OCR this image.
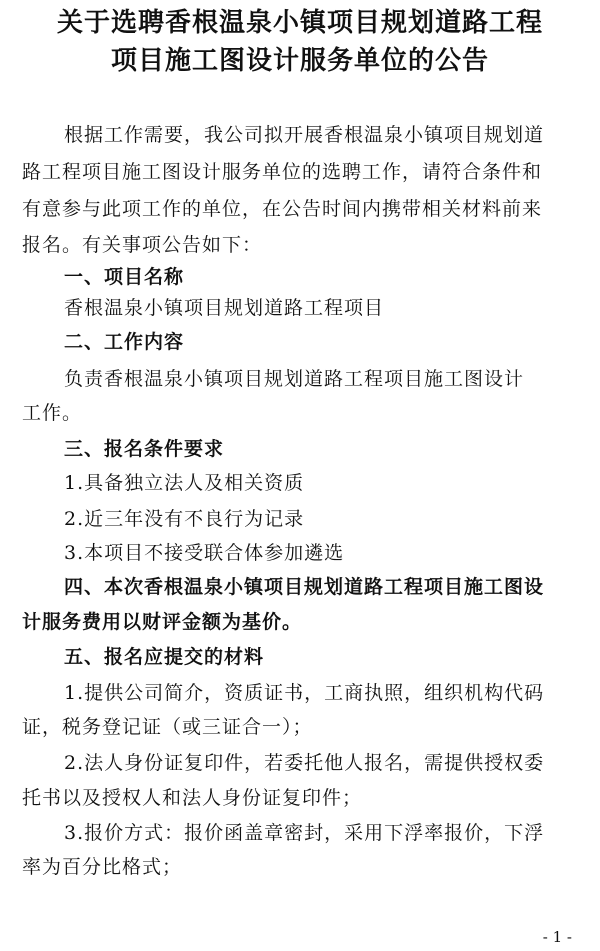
关于选聘香根温泉小镇项目规划道路工程
项目施工图设计服务单位的公告
根据工作需要，我公司拟开展香根温泉小镇项目规划道
路工程项目施工图设计服务单位的选聘工作，请符合条件和
有意参与此项工作的单位，在公告时间内携带相关材料前来
报名。有关事项公告如下：
一、项目名称
香根温泉小镇项目规划道路工程项目
二、工作内容
负责香根温泉小镇项目规划道路工程项目施工图设计
工作。
三、报名条件要求
1.具备独立法人及相关资质
2.近三年没有不良行为记录
3.本项目不接受联合体参加遴选
四、本次香根温泉小镇项目规划道路工程项目施工图设
计服务费用以财评金额为基价。
五、报名应提交的材料
1.提供公司简介，资质证书，工商执照，组织机构代码
证，税务登记证（或三证合一）；
2.法人身份证复印件，若委托他人报名，需提供授权委
托书以及授权人和法人身份证复印件；
3.报价方式：报价函盖章密封，采用下浮率报价，下浮
率为百分比格式；
- 1 -
